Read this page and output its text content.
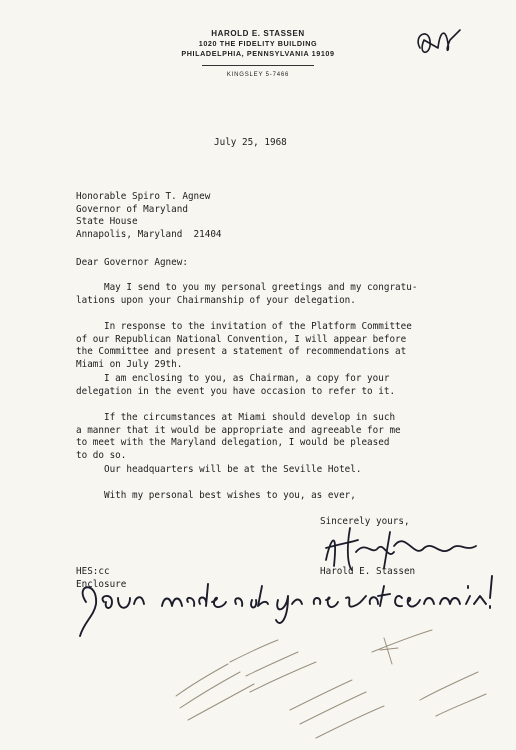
HAROLD E. STASSEN
1020 THE FIDELITY BUILDING
PHILADELPHIA, PENNSYLVANIA 19109
KINGSLEY 5-7466
July 25, 1968
Honorable Spiro T. Agnew
Governor of Maryland
State House
Annapolis, Maryland  21404
Dear Governor Agnew:
May I send to you my personal greetings and my congratu-
lations upon your Chairmanship of your delegation.
In response to the invitation of the Platform Committee
of our Republican National Convention, I will appear before
the Committee and present a statement of recommendations at
Miami on July 29th.
I am enclosing to you, as Chairman, a copy for your
delegation in the event you have occasion to refer to it.
If the circumstances at Miami should develop in such
a manner that it would be appropriate and agreeable for me
to meet with the Maryland delegation, I would be pleased
to do so.
Our headquarters will be at the Seville Hotel.
With my personal best wishes to you, as ever,
Sincerely yours,
Harold E. Stassen
HES:cc
Enclosure
